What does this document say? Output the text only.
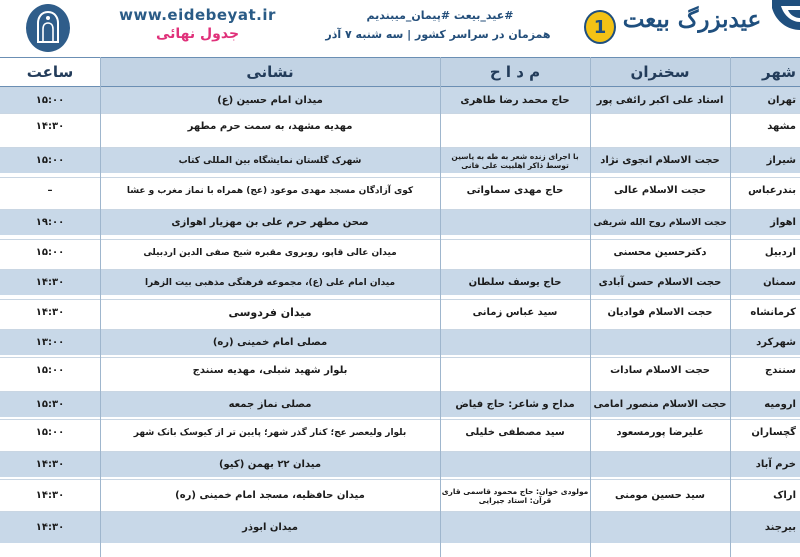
www.eidebeyat.ir
جدول نهائی
#عید_بیعت #پیمان_میبندیم
همزمان در سراسر کشور | سه شنبه ۷ آذر	1 عیدبزرگ بیعت
شهر
سخنران
م د ا ح
نشانی
ساعت
تهران
استاد علی اکبر رائفی پور
حاج محمد رضا طاهری
میدان امام حسین (ع)
۱۵:۰۰
مشهد
مهدیه مشهد، به سمت حرم مطهر
۱۴:۳۰
شیراز
حجت الاسلام انجوی نژاد
با اجرای زنده شعر به طه به یاسین توسط ذاکر اهلبیت علی فانی
شهرک گلستان نمایشگاه بین المللی کتاب
۱۵:۰۰
بندرعباس
حجت الاسلام عالی
حاج مهدی سماواتی
کوی آزادگان مسجد مهدی موعود (عج) همراه با نماز مغرب و عشا
–
اهواز
حجت الاسلام روح الله شریفی
صحن مطهر حرم علی بن مهزیار اهوازی
۱۹:۰۰
اردبیل
دکترحسین محسنی
میدان عالی قاپو، روبروی مقبره شیخ صفی الدین اردبیلی
۱۵:۰۰
سمنان
حجت الاسلام حسن آبادی
حاج یوسف سلطان
میدان امام علی (ع)، مجموعه فرهنگی مذهبی بیت الزهرا
۱۴:۳۰
کرمانشاه
حجت الاسلام فوادیان
سید عباس زمانی
میدان فردوسی
۱۴:۳۰
شهرکرد
مصلی امام خمینی (ره)
۱۳:۰۰
سنندج
حجت الاسلام سادات
بلوار شهید شبلی، مهدیه سنندج
۱۵:۰۰
ارومیه
حجت الاسلام منصور امامی
مداح و شاعر: حاج فیاض
مصلی نماز جمعه
۱۵:۳۰
گچساران
علیرضا پورمسعود
سید مصطفی خلیلی
بلوار ولیعصر عج؛ کنار گذر شهر؛ پایین تر از کیوسک بانک شهر
۱۵:۰۰
خرم آباد
میدان ۲۲ بهمن (کیو)
۱۴:۳۰
اراک
سید حسین مومنی
مولودی خوان: حاج محمود قاسمی قاری قرآن: استاد جیرایی
میدان حافظیه، مسجد امام خمینی (ره)
۱۴:۳۰
بیرجند
میدان ابوذر
۱۴:۳۰
